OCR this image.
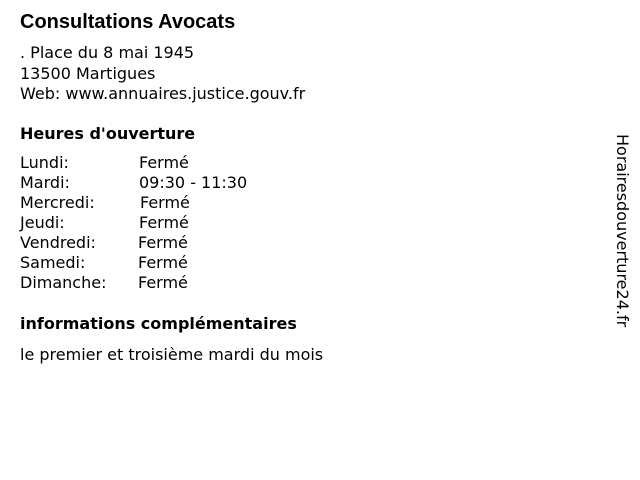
Consultations Avocats
. Place du 8 mai 1945
13500 Martigues
Web: www.annuaires.justice.gouv.fr
Heures d'ouverture
Lundi:	Fermé
Mardi:	09:30 - 11:30
Mercredi:	Fermé
Jeudi:	Fermé
Vendredi:	Fermé
Samedi:	Fermé
Dimanche: Fermé
informations complémentaires
le premier et troisième mardi du mois
Horairesdouverture24.fr
